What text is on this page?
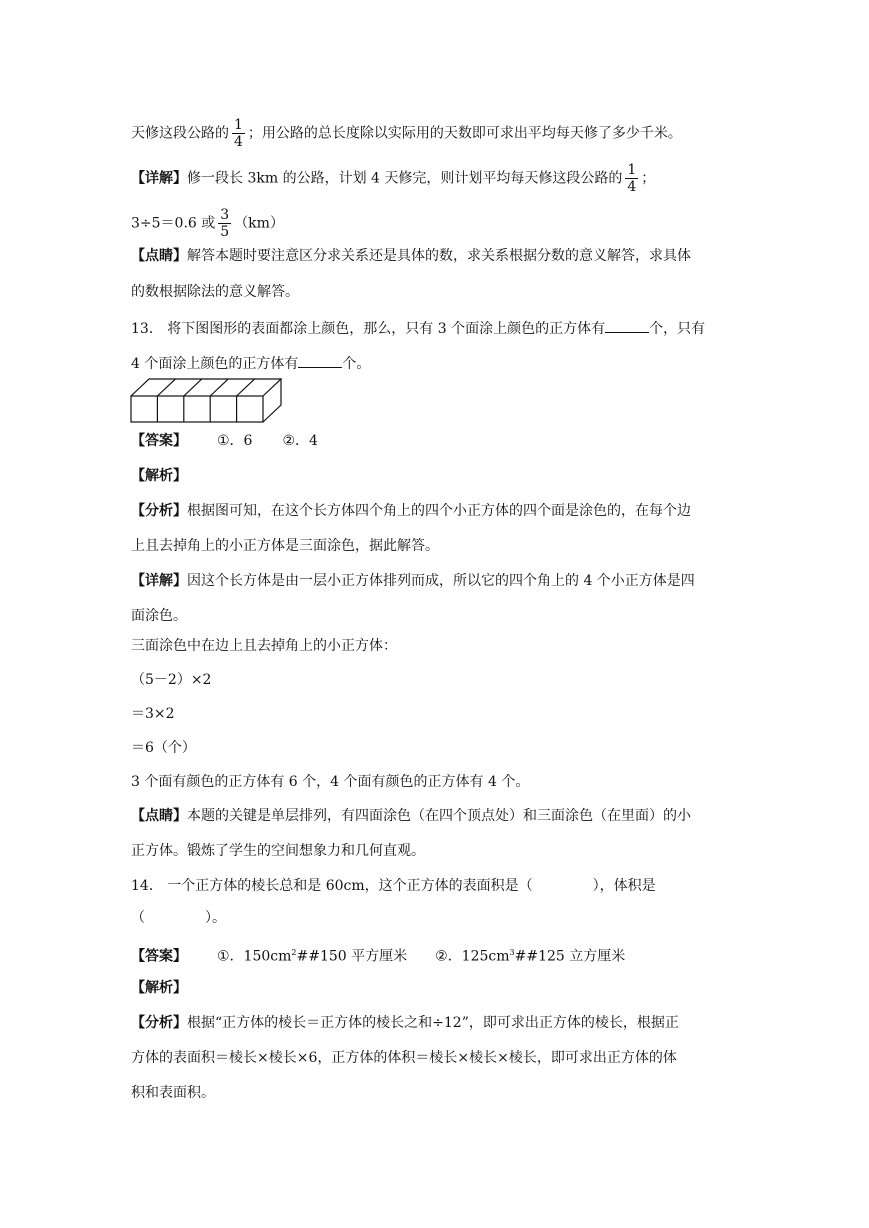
天修这段公路的 $\frac{1}{4}$ ；用公路的总长度除以实际用的天数即可求出平均每天修了多少千米。
【详解】修一段长 3km 的公路，计划 4 天修完，则计划平均每天修这段公路的 $\frac{1}{4}$ ；
3÷5＝0.6 或 $\frac{3}{5} (km)$
【点睛】解答本题时要注意区分求关系还是具体的数，求关系根据分数的意义解答，求具体
的数根据除法的意义解答。
13． 将下图图形的表面都涂上颜色，那么，只有 3 个面涂上颜色的正方体有	个，只有
4 个面涂上颜色的正方体有	个。
【答案】 ①．6 ②．4
【解析】
【分析】根据图可知，在这个长方体四个角上的四个小正方体的四个面是涂色的，在每个边
上且去掉角上的小正方体是三面涂色，据此解答。
【详解】因这个长方体是由一层小正方体排列而成，所以它的四个角上的 4 个小正方体是四
面涂色。
三面涂色中在边上且去掉角上的小正方体：
（5－2）×2
＝3×2
＝6（个）
3 个面有颜色的正方体有 6 个，4 个面有颜色的正方体有 4 个。
【点睛】本题的关键是单层排列，有四面涂色（在四个顶点处）和三面涂色（在里面）的小
正方体。锻炼了学生的空间想象力和几何直观。
14． 一个正方体的棱长总和是 60cm，这个正方体的表面积是（	），体积是
（	）。
【答案】 ①．$150cm^2\#\#150$ 平方厘米 ②．$125cm^3\#\#125$ 立方厘米
【解析】
【分析】根据“正方体的棱长＝正方体的棱长之和÷12”，即可求出正方体的棱长，根据正
方体的表面积＝棱长×棱长×6，正方体的体积＝棱长×棱长×棱长，即可求出正方体的体
积和表面积。
